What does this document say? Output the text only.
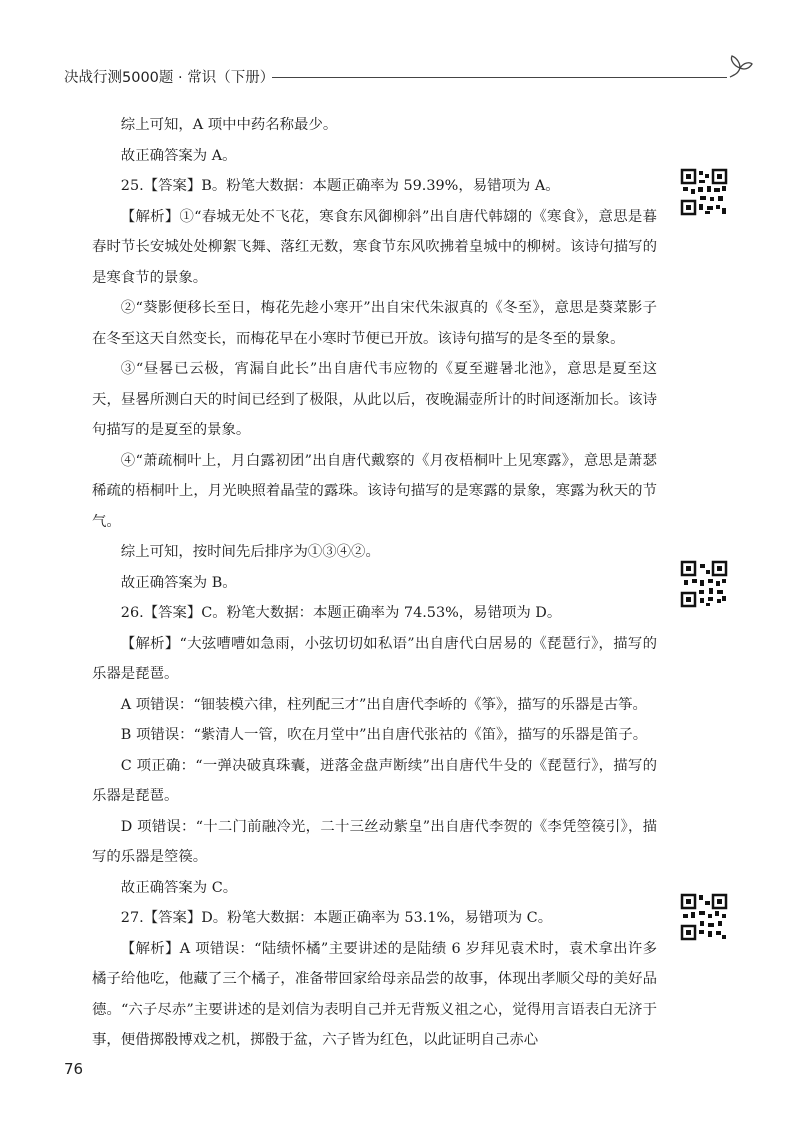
决战行测5000题 · 常识（下册）

综上可知，A 项中中药名称最少。

故正确答案为 A。

25.【答案】B。粉笔大数据：本题正确率为 59.39%，易错项为 A。

【解析】①“春城无处不飞花，寒食东风御柳斜”出自唐代韩翃的《寒食》，意思是暮春时节长安城处处柳絮飞舞、落红无数，寒食节东风吹拂着皇城中的柳树。该诗句描写的是寒食节的景象。

②“葵影便移长至日，梅花先趁小寒开”出自宋代朱淑真的《冬至》，意思是葵菜影子在冬至这天自然变长，而梅花早在小寒时节便已开放。该诗句描写的是冬至的景象。

③“昼晷已云极，宵漏自此长”出自唐代韦应物的《夏至避暑北池》，意思是夏至这天，昼晷所测白天的时间已经到了极限，从此以后，夜晚漏壶所计的时间逐渐加长。该诗句描写的是夏至的景象。

④“萧疏桐叶上，月白露初团”出自唐代戴察的《月夜梧桐叶上见寒露》，意思是萧瑟稀疏的梧桐叶上，月光映照着晶莹的露珠。该诗句描写的是寒露的景象，寒露为秋天的节气。

综上可知，按时间先后排序为①③④②。

故正确答案为 B。

26.【答案】C。粉笔大数据：本题正确率为 74.53%，易错项为 D。

【解析】“大弦嘈嘈如急雨，小弦切切如私语”出自唐代白居易的《琵琶行》，描写的乐器是琵琶。

A 项错误：“钿装模六律，柱列配三才”出自唐代李峤的《筝》，描写的乐器是古筝。

B 项错误：“紫清人一管，吹在月堂中”出自唐代张祜的《笛》，描写的乐器是笛子。

C 项正确：“一弹决破真珠囊，迸落金盘声断续”出自唐代牛殳的《琵琶行》，描写的乐器是琵琶。

D 项错误：“十二门前融冷光，二十三丝动紫皇”出自唐代李贺的《李凭箜篌引》，描写的乐器是箜篌。

故正确答案为 C。

27.【答案】D。粉笔大数据：本题正确率为 53.1%，易错项为 C。

【解析】A 项错误：“陆绩怀橘”主要讲述的是陆绩 6 岁拜见袁术时，袁术拿出许多橘子给他吃，他藏了三个橘子，准备带回家给母亲品尝的故事，体现出孝顺父母的美好品德。“六子尽赤”主要讲述的是刘信为表明自己并无背叛义祖之心，觉得用言语表白无济于事，便借掷骰博戏之机，掷骰于盆，六子皆为红色，以此证明自己赤心

76
